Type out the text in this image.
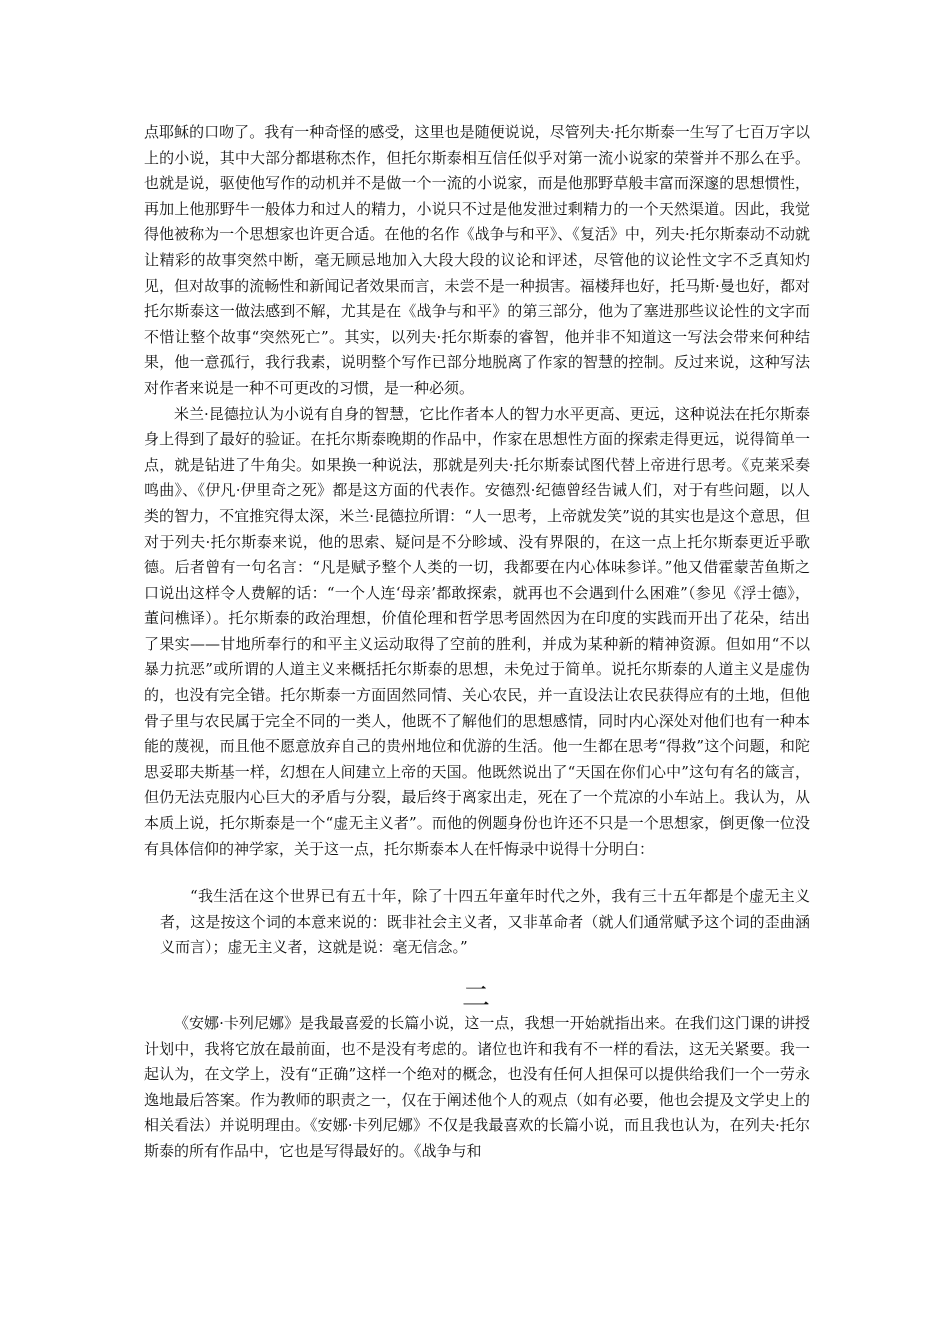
点耶稣的口吻了。我有一种奇怪的感受，这里也是随便说说，尽管列夫·托尔斯泰一生写了七百万字以上的小说，其中大部分都堪称杰作，但托尔斯泰相互信任似乎对第一流小说家的荣誉并不那么在乎。也就是说，驱使他写作的动机并不是做一个一流的小说家，而是他那野草般丰富而深邃的思想惯性，再加上他那野牛一般体力和过人的精力，小说只不过是他发泄过剩精力的一个天然渠道。因此，我觉得他被称为一个思想家也许更合适。在他的名作《战争与和平》、《复活》中，列夫·托尔斯泰动不动就让精彩的故事突然中断，毫无顾忌地加入大段大段的议论和评述，尽管他的议论性文字不乏真知灼见，但对故事的流畅性和新闻记者效果而言，未尝不是一种损害。福楼拜也好，托马斯·曼也好，都对托尔斯泰这一做法感到不解，尤其是在《战争与和平》的第三部分，他为了塞进那些议论性的文字而不惜让整个故事“突然死亡”。其实，以列夫·托尔斯泰的睿智，他并非不知道这一写法会带来何种结果，他一意孤行，我行我素，说明整个写作已部分地脱离了作家的智慧的控制。反过来说，这种写法对作者来说是一种不可更改的习惯，是一种必须。

米兰·昆德拉认为小说有自身的智慧，它比作者本人的智力水平更高、更远，这种说法在托尔斯泰身上得到了最好的验证。在托尔斯泰晚期的作品中，作家在思想性方面的探索走得更远，说得简单一点，就是钻进了牛角尖。如果换一种说法，那就是列夫·托尔斯泰试图代替上帝进行思考。《克莱采奏鸣曲》、《伊凡·伊里奇之死》都是这方面的代表作。安德烈·纪德曾经告诫人们，对于有些问题，以人类的智力，不宜推究得太深，米兰·昆德拉所谓：“人一思考，上帝就发笑”说的其实也是这个意思，但对于列夫·托尔斯泰来说，他的思索、疑问是不分畛域、没有界限的，在这一点上托尔斯泰更近乎歌德。后者曾有一句名言：“凡是赋予整个人类的一切，我都要在内心体味参详。”他又借霍蒙苦鱼斯之口说出这样令人费解的话：“一个人连‘母亲’都敢探索，就再也不会遇到什么困难”（参见《浮士德》，董问樵译）。托尔斯泰的政治理想，价值伦理和哲学思考固然因为在印度的实践而开出了花朵，结出了果实——甘地所奉行的和平主义运动取得了空前的胜利，并成为某种新的精神资源。但如用“不以暴力抗恶”或所谓的人道主义来概括托尔斯泰的思想，未免过于简单。说托尔斯泰的人道主义是虚伪的，也没有完全错。托尔斯泰一方面固然同情、关心农民，并一直设法让农民获得应有的土地，但他骨子里与农民属于完全不同的一类人，他既不了解他们的思想感情，同时内心深处对他们也有一种本能的蔑视，而且他不愿意放弃自己的贵州地位和优游的生活。他一生都在思考“得救”这个问题，和陀思妥耶夫斯基一样，幻想在人间建立上帝的天国。他既然说出了“天国在你们心中”这句有名的箴言，但仍无法克服内心巨大的矛盾与分裂，最后终于离家出走，死在了一个荒凉的小车站上。我认为，从本质上说，托尔斯泰是一个“虚无主义者”。而他的例题身份也许还不只是一个思想家，倒更像一位没有具体信仰的神学家，关于这一点，托尔斯泰本人在忏悔录中说得十分明白：

“我生活在这个世界已有五十年，除了十四五年童年时代之外，我有三十五年都是个虚无主义者，这是按这个词的本意来说的：既非社会主义者，又非革命者（就人们通常赋予这个词的歪曲涵义而言）；虚无主义者，这就是说：毫无信念。”

二

《安娜·卡列尼娜》是我最喜爱的长篇小说，这一点，我想一开始就指出来。在我们这门课的讲授计划中，我将它放在最前面，也不是没有考虑的。诸位也许和我有不一样的看法，这无关紧要。我一起认为，在文学上，没有“正确”这样一个绝对的概念，也没有任何人担保可以提供给我们一个一劳永逸地最后答案。作为教师的职责之一，仅在于阐述他个人的观点（如有必要，他也会提及文学史上的相关看法）并说明理由。《安娜·卡列尼娜》不仅是我最喜欢的长篇小说，而且我也认为，在列夫·托尔斯泰的所有作品中，它也是写得最好的。《战争与和
